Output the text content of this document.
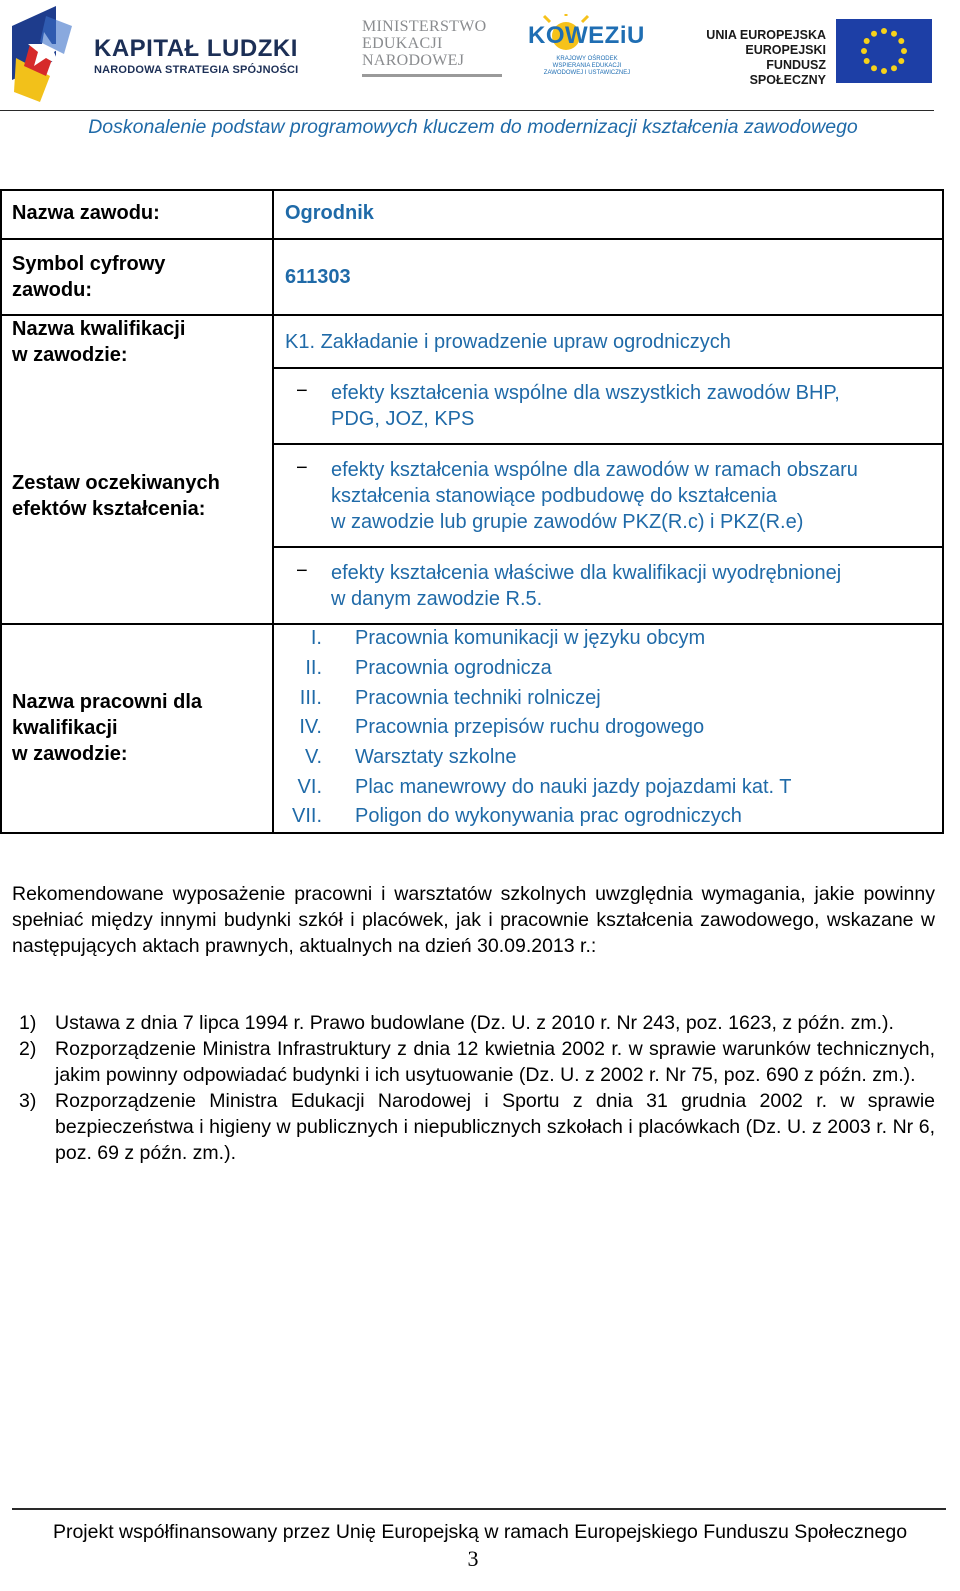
KAPITAŁ LUDZKI
NARODOWA STRATEGIA SPÓJNOŚCI
MINISTERSTWO
EDUKACJI
NARODOWEJ
KOWEZiU
KRAJOWY OŚRODEK WSPIERANIA EDUKACJI ZAWODOWEJ I USTAWICZNEJ
UNIA EUROPEJSKA
EUROPEJSKI
FUNDUSZ SPOŁECZNY
Doskonalenie podstaw programowych kluczem do modernizacji kształcenia zawodowego
Nazwa zawodu:	Ogrodnik
Symbol cyfrowy
zawodu:
611303
Nazwa kwalifikacji
w zawodzie:
K1. Zakładanie i prowadzenie upraw ogrodniczych
Zestaw oczekiwanych
efektów kształcenia:
− efekty kształcenia wspólne dla wszystkich zawodów BHP,
PDG, JOZ, KPS
− efekty kształcenia wspólne dla zawodów w ramach obszaru
kształcenia stanowiące podbudowę do kształcenia
w zawodzie lub grupie zawodów PKZ(R.c) i PKZ(R.e)
− efekty kształcenia właściwe dla kwalifikacji wyodrębnionej
w danym zawodzie R.5.
Nazwa pracowni dla
kwalifikacji
w zawodzie:
I. Pracownia komunikacji w języku obcym
II. Pracownia ogrodnicza
III. Pracownia techniki rolniczej
IV. Pracownia przepisów ruchu drogowego
V. Warsztaty szkolne
VI. Plac manewrowy do nauki jazdy pojazdami kat. T
VII. Poligon do wykonywania prac ogrodniczych
Rekomendowane wyposażenie pracowni i warsztatów szkolnych uwzględnia wymagania, jakie powinny spełniać między innymi budynki szkół i placówek, jak i pracownie kształcenia zawodowego, wskazane w następujących aktach prawnych, aktualnych na dzień 30.09.2013 r.:
1) Ustawa z dnia 7 lipca 1994 r. Prawo budowlane (Dz. U. z 2010 r. Nr 243, poz. 1623, z późn. zm.).
2) Rozporządzenie Ministra Infrastruktury z dnia 12 kwietnia 2002 r. w sprawie warunków technicznych, jakim powinny odpowiadać budynki i ich usytuowanie (Dz. U. z 2002 r. Nr 75, poz. 690 z późn. zm.).
3) Rozporządzenie Ministra Edukacji Narodowej i Sportu z dnia 31 grudnia 2002 r. w sprawie bezpieczeństwa i higieny w publicznych i niepublicznych szkołach i placówkach (Dz. U. z 2003 r. Nr 6, poz. 69 z późn. zm.).
Projekt współfinansowany przez Unię Europejską w ramach Europejskiego Funduszu Społecznego
3
